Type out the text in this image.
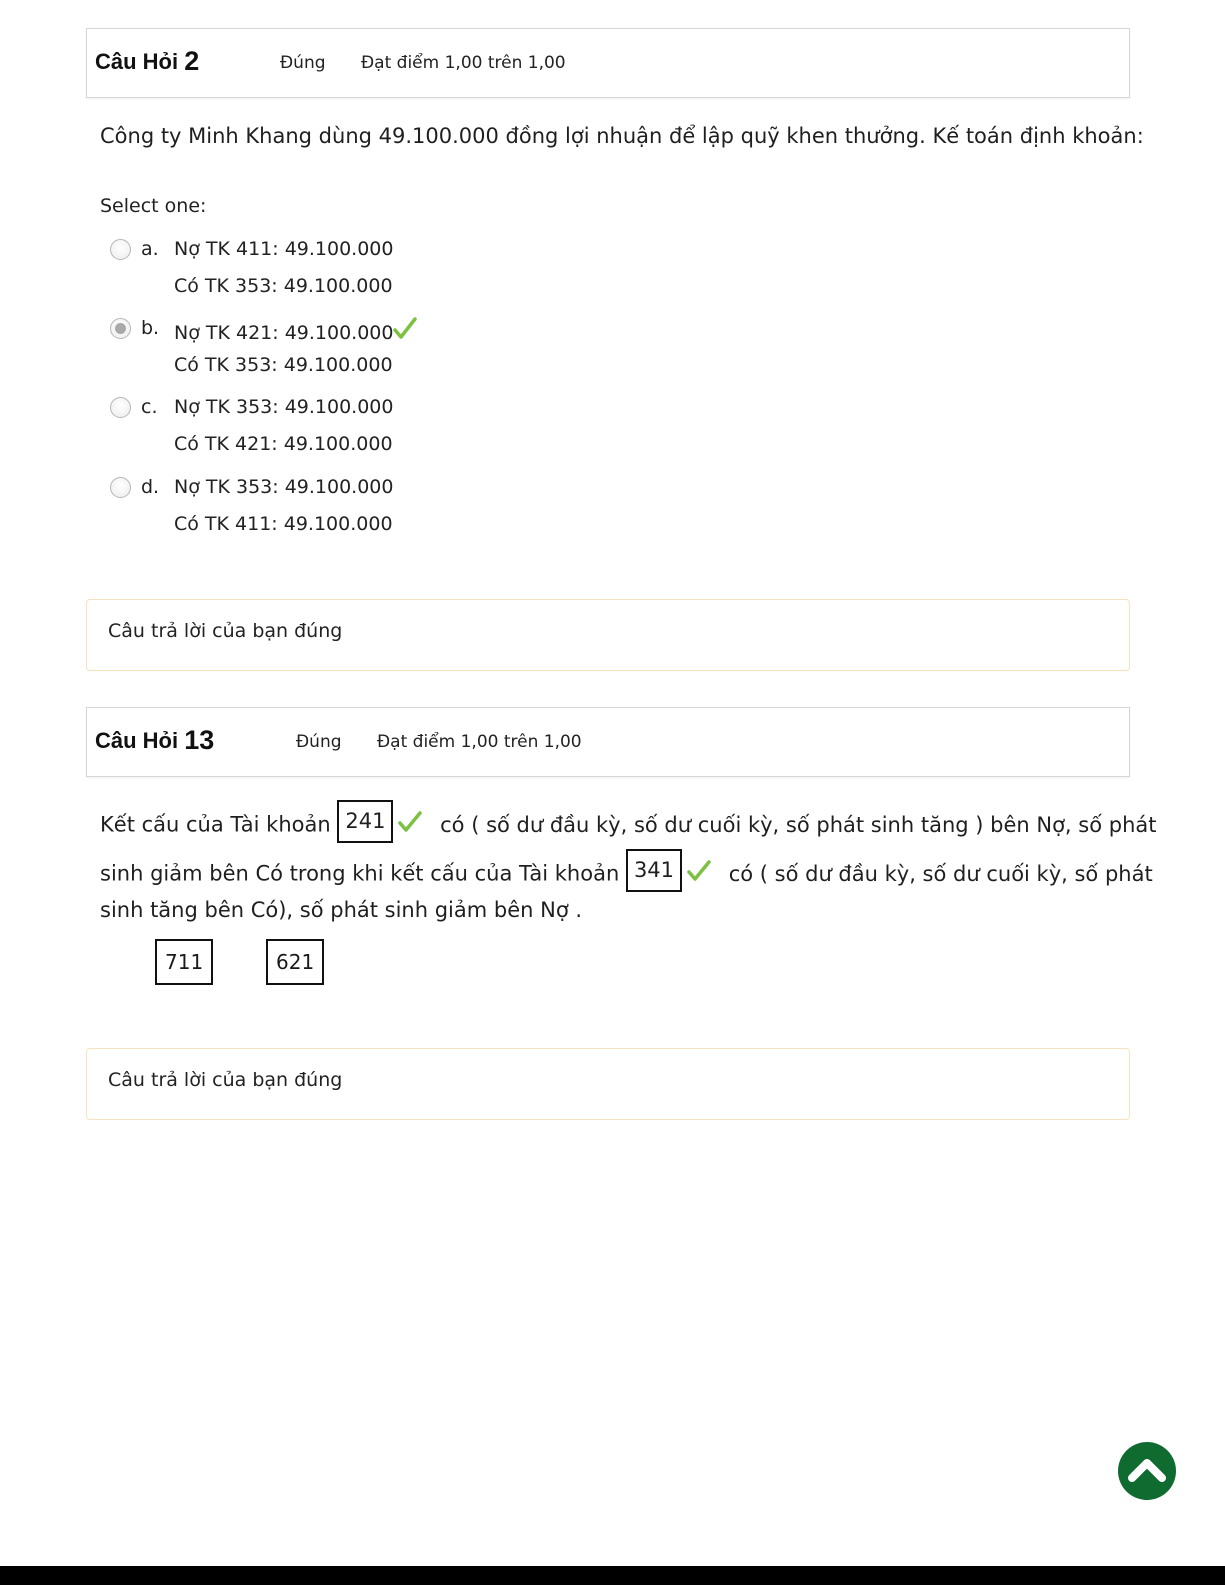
Câu Hỏi 2	Đúng Đạt điểm 1,00 trên 1,00
Công ty Minh Khang dùng 49.100.000 đồng lợi nhuận để lập quỹ khen thưởng. Kế toán định khoản:
Select one:
a. Nợ TK 411: 49.100.000
Có TK 353: 49.100.000
b. Nợ TK 421: 49.100.000
Có TK 353: 49.100.000
c. Nợ TK 353: 49.100.000
Có TK 421: 49.100.000
d. Nợ TK 353: 49.100.000
Có TK 411: 49.100.000
Câu trả lời của bạn đúng
Câu Hỏi 13	Đúng Đạt điểm 1,00 trên 1,00
Kết cấu của Tài khoản 241	có ( số dư đầu kỳ, số dư cuối kỳ, số phát sinh tăng ) bên Nợ, số phát
sinh giảm bên Có trong khi kết cấu của Tài khoản 341	có ( số dư đầu kỳ, số dư cuối kỳ, số phát
sinh tăng bên Có), số phát sinh giảm bên Nợ .
711	621
Câu trả lời của bạn đúng
